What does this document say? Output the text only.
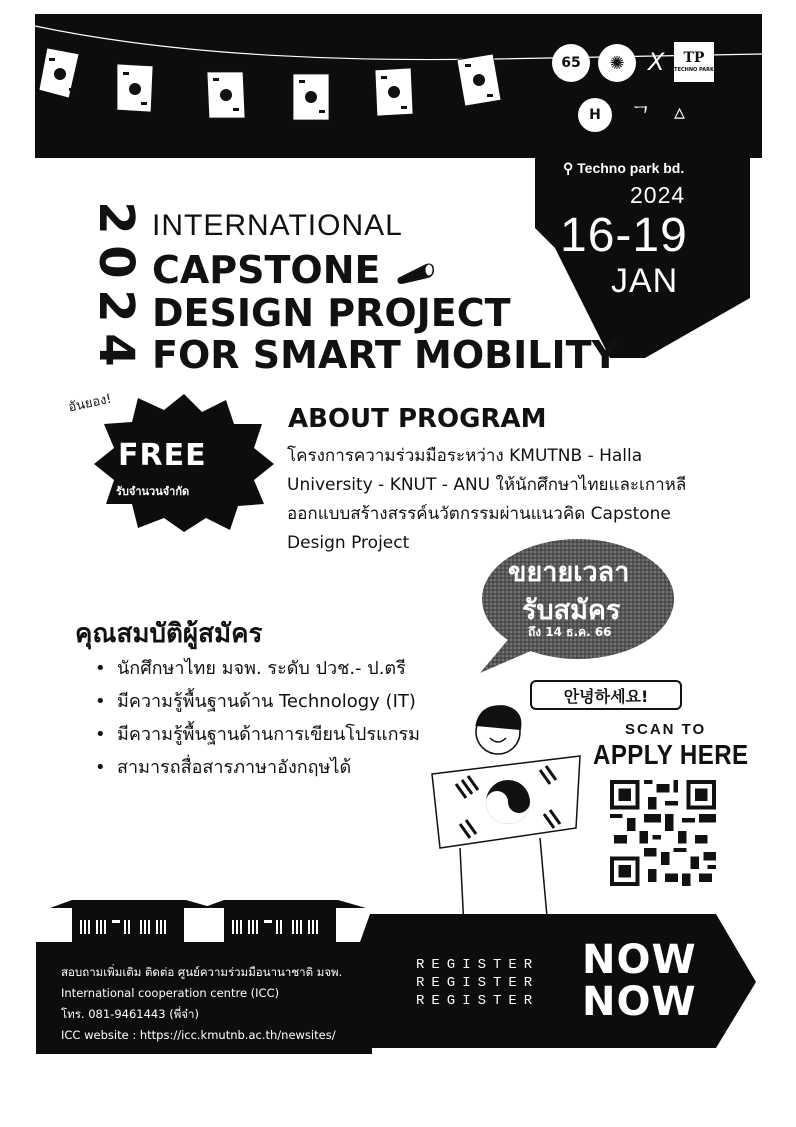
65	✺ X TP
TECHNO PARK
H	ᄀ ▵
⚲ Techno park bd.
2024
16-19
JAN
2
0
2
4
INTERNATIONAL
CAPSTONE
DESIGN PROJECT
FOR SMART MOBILITY
อันยอง!
FREE
รับจำนวนจำกัด
ABOUT PROGRAM
โครงการความร่วมมือระหว่าง KMUTNB - Halla University - KNUT - ANU ให้นักศึกษาไทยและเกาหลี ออกแบบสร้างสรรค์นวัตกรรมผ่านแนวคิด Capstone Design Project
ขยายเวลา
รับสมัคร
ถึง 14 ธ.ค. 66
คุณสมบัติผู้สมัคร
• นักศึกษาไทย มจพ. ระดับ ปวช.- ป.ตรี
• มีความรู้พื้นฐานด้าน Technology (IT)
• มีความรู้พื้นฐานด้านการเขียนโปรแกรม
• สามารถสื่อสารภาษาอังกฤษได้
안녕하세요!
SCAN TO
APPLY HERE
สอบถามเพิ่มเติม ติดต่อ ศูนย์ความร่วมมือนานาชาติ มจพ.
International cooperation centre (ICC)
โทร. 081-9461443 (พี่จ๋า)
ICC website : https://icc.kmutnb.ac.th/newsites/
REGISTER
REGISTER
REGISTER
NOW
NOW
